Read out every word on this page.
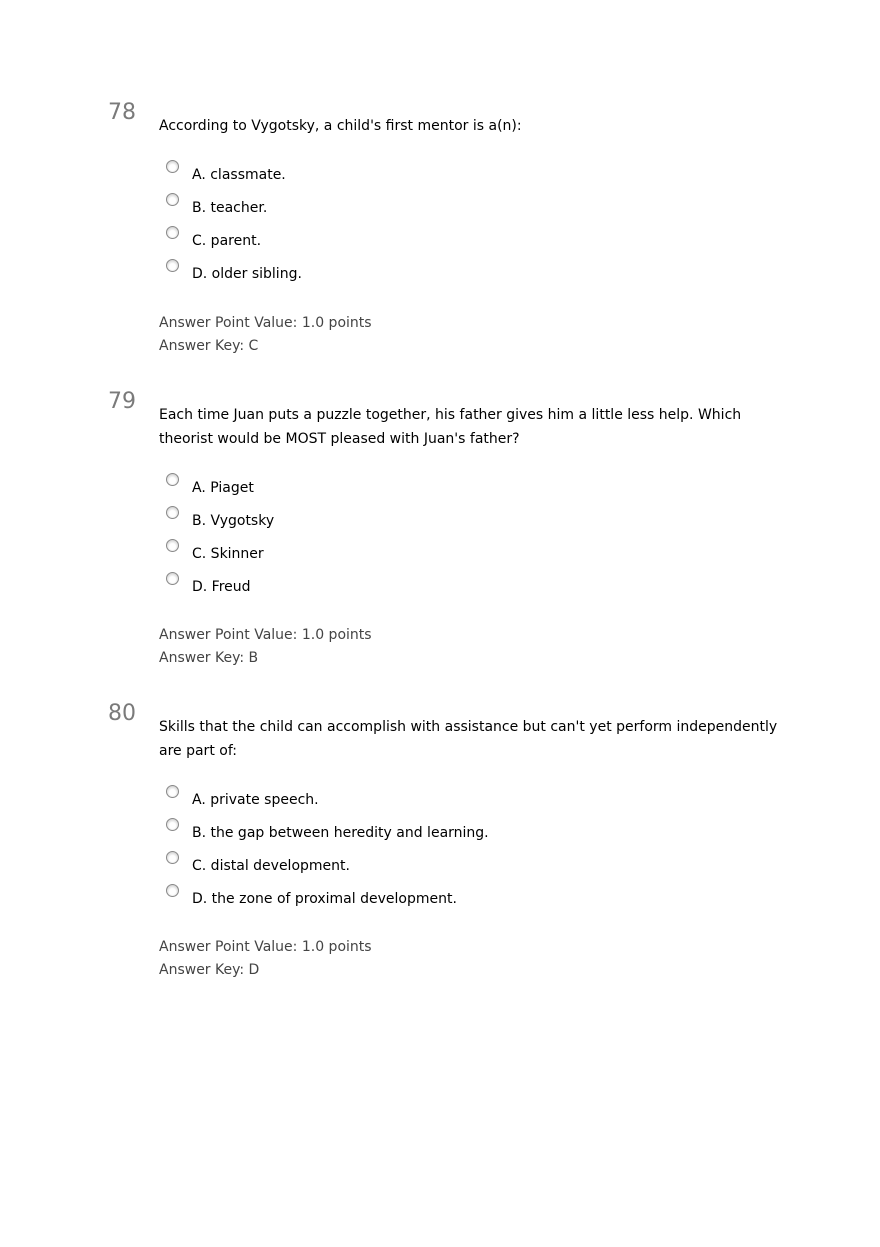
78
According to Vygotsky, a child's first mentor is a(n):
A. classmate.
B. teacher.
C. parent.
D. older sibling.
Answer Point Value: 1.0 points
Answer Key: C
79
Each time Juan puts a puzzle together, his father gives him a little less help. Which theorist would be MOST pleased with Juan's father?
A. Piaget
B. Vygotsky
C. Skinner
D. Freud
Answer Point Value: 1.0 points
Answer Key: B
80
Skills that the child can accomplish with assistance but can't yet perform independently are part of:
A. private speech.
B. the gap between heredity and learning.
C. distal development.
D. the zone of proximal development.
Answer Point Value: 1.0 points
Answer Key: D
